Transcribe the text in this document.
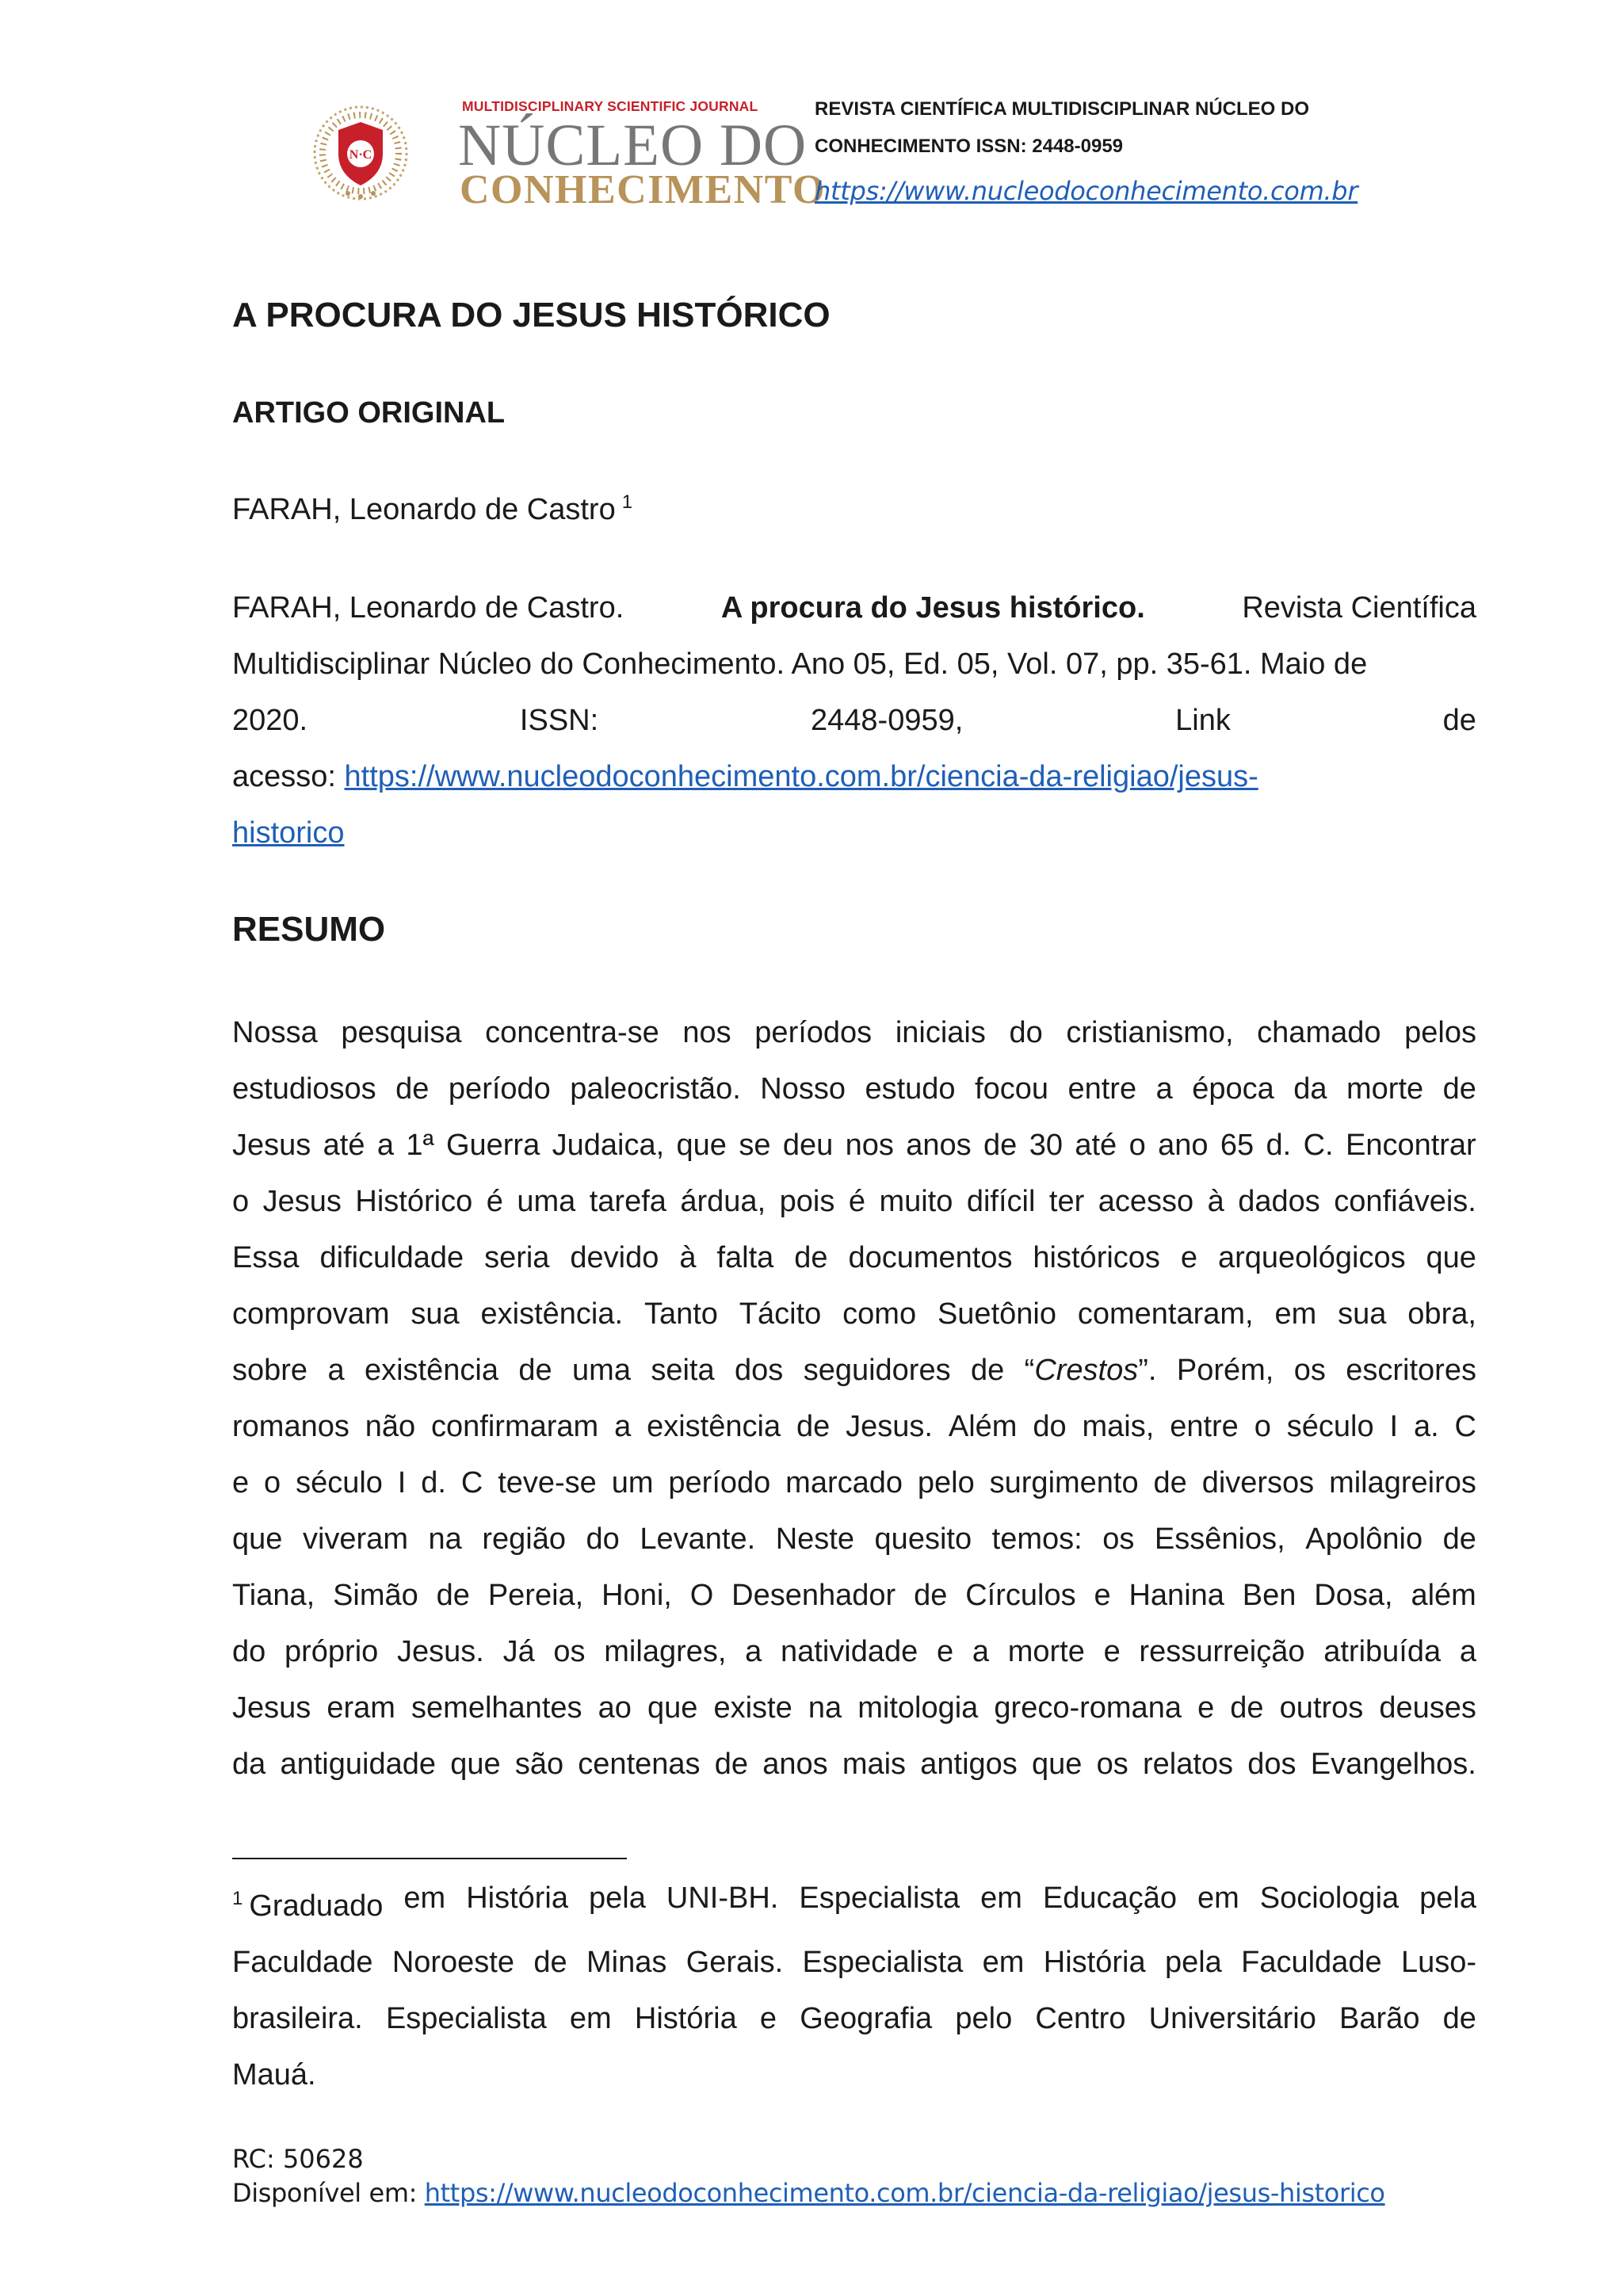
N·C
MULTIDISCIPLINARY SCIENTIFIC JOURNAL
NÚCLEO DO
CONHECIMENTO
REVISTA CIENTÍFICA MULTIDISCIPLINAR NÚCLEO DO
CONHECIMENTO ISSN: 2448-0959
https://www.nucleodoconhecimento.com.br
A PROCURA DO JESUS HISTÓRICO
ARTIGO ORIGINAL
FARAH, Leonardo de Castro $^1$
FARAH, Leonardo de Castro.	A procura do Jesus histórico.	Revista Científica
Multidisciplinar Núcleo do Conhecimento. Ano 05, Ed. 05, Vol. 07, pp. 35-61. Maio de
2020.	ISSN:	2448-0959,	Link	de
acesso: https://www.nucleodoconhecimento.com.br/ciencia-da-religiao/jesus-
historico
RESUMO
Nossa pesquisa concentra-se nos períodos iniciais do cristianismo, chamado pelos
estudiosos de período paleocristão. Nosso estudo focou entre a época da morte de
Jesus até a 1ª Guerra Judaica, que se deu nos anos de 30 até o ano 65 d. C. Encontrar
o Jesus Histórico é uma tarefa árdua, pois é muito difícil ter acesso à dados confiáveis.
Essa dificuldade seria devido à falta de documentos históricos e arqueológicos que
comprovam sua existência. Tanto Tácito como Suetônio comentaram, em sua obra,
sobre a existência de uma seita dos seguidores de “Crestos”. Porém, os escritores
romanos não confirmaram a existência de Jesus. Além do mais, entre o século I a. C
e o século I d. C teve-se um período marcado pelo surgimento de diversos milagreiros
que viveram na região do Levante. Neste quesito temos: os Essênios, Apolônio de
Tiana, Simão de Pereia, Honi, O Desenhador de Círculos e Hanina Ben Dosa, além
do próprio Jesus. Já os milagres, a natividade e a morte e ressurreição atribuída a
Jesus eram semelhantes ao que existe na mitologia greco-romana e de outros deuses
da antiguidade que são centenas de anos mais antigos que os relatos dos Evangelhos.
$^1$ Graduado em História pela UNI-BH. Especialista em Educação em Sociologia pela
Faculdade Noroeste de Minas Gerais. Especialista em História pela Faculdade Luso-
brasileira. Especialista em História e Geografia pelo Centro Universitário Barão de
Mauá.
RC: 50628
Disponível em: https://www.nucleodoconhecimento.com.br/ciencia-da-religiao/jesus-historico
